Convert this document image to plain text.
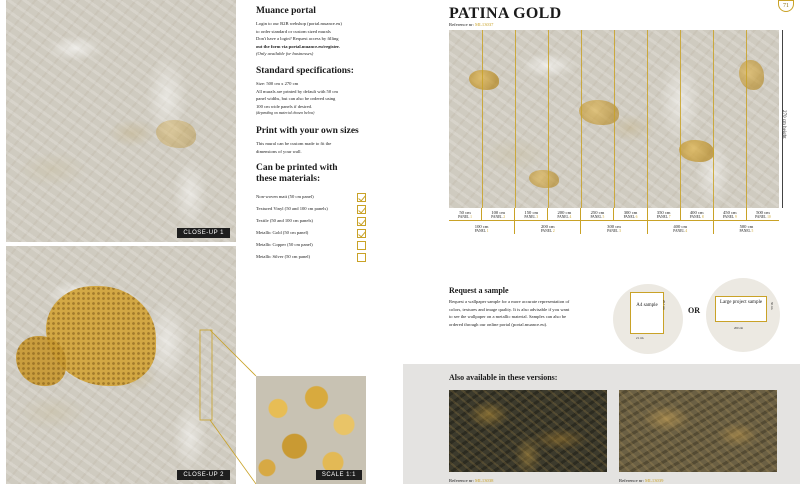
71
CLOSE-UP 1
CLOSE-UP 2	SCALE 1:1
Muance portal

Login to our B2B webshop (portal.muance.eu)
to order standard or custom sized murals
Don't have a login? Request access by filling
out the form via portal.muance.eu/register.
(Only available for businesses)

Standard specifications:

Size: 500 cm x 270 cm
All murals are printed by default with 50 cm
panel widths, but can also be ordered using
100 cm wide panels if desired.
(depending on material chosen below)

Print with your own sizes

This mural can be custom made to fit the
dimensions of your wall.

Can be printed with
these materials:
Non-woven matt (50 cm panel)
Textured Vinyl (50 and 100 cm panels)
Textile (50 and 100 cm panels)
Metallic Gold (50 cm panel)
Metallic Copper (50 cm panel)
Metallic Silver (50 cm panel)
PATINA GOLD
Reference nr: ML13037
270 cm height
50 cm
PANEL 1
100 cm
PANEL 2
150 cm
PANEL 3
200 cm
PANEL 4
250 cm
PANEL 5
300 cm
PANEL 6
350 cm
PANEL 7
400 cm
PANEL 8
450 cm
PANEL 9
500 cm
PANEL 10
100 cm
PANEL 1
200 cm
PANEL 2
300 cm
PANEL 3
400 cm
PANEL 4
500 cm
PANEL 5
Request a sample
Request a wallpaper sample for a more accurate representation of
colors, textures and image quality. It is also advisable if you want
to see the wallpaper on a metallic material. Samples can also be
ordered through our online portal (portal.muance.eu).
A4 sample
21 cm
29.7 cm
OR
Large project sample
200 cm
50 cm
Also available in these versions:
Reference nr: ML13038	Reference nr: ML13039
